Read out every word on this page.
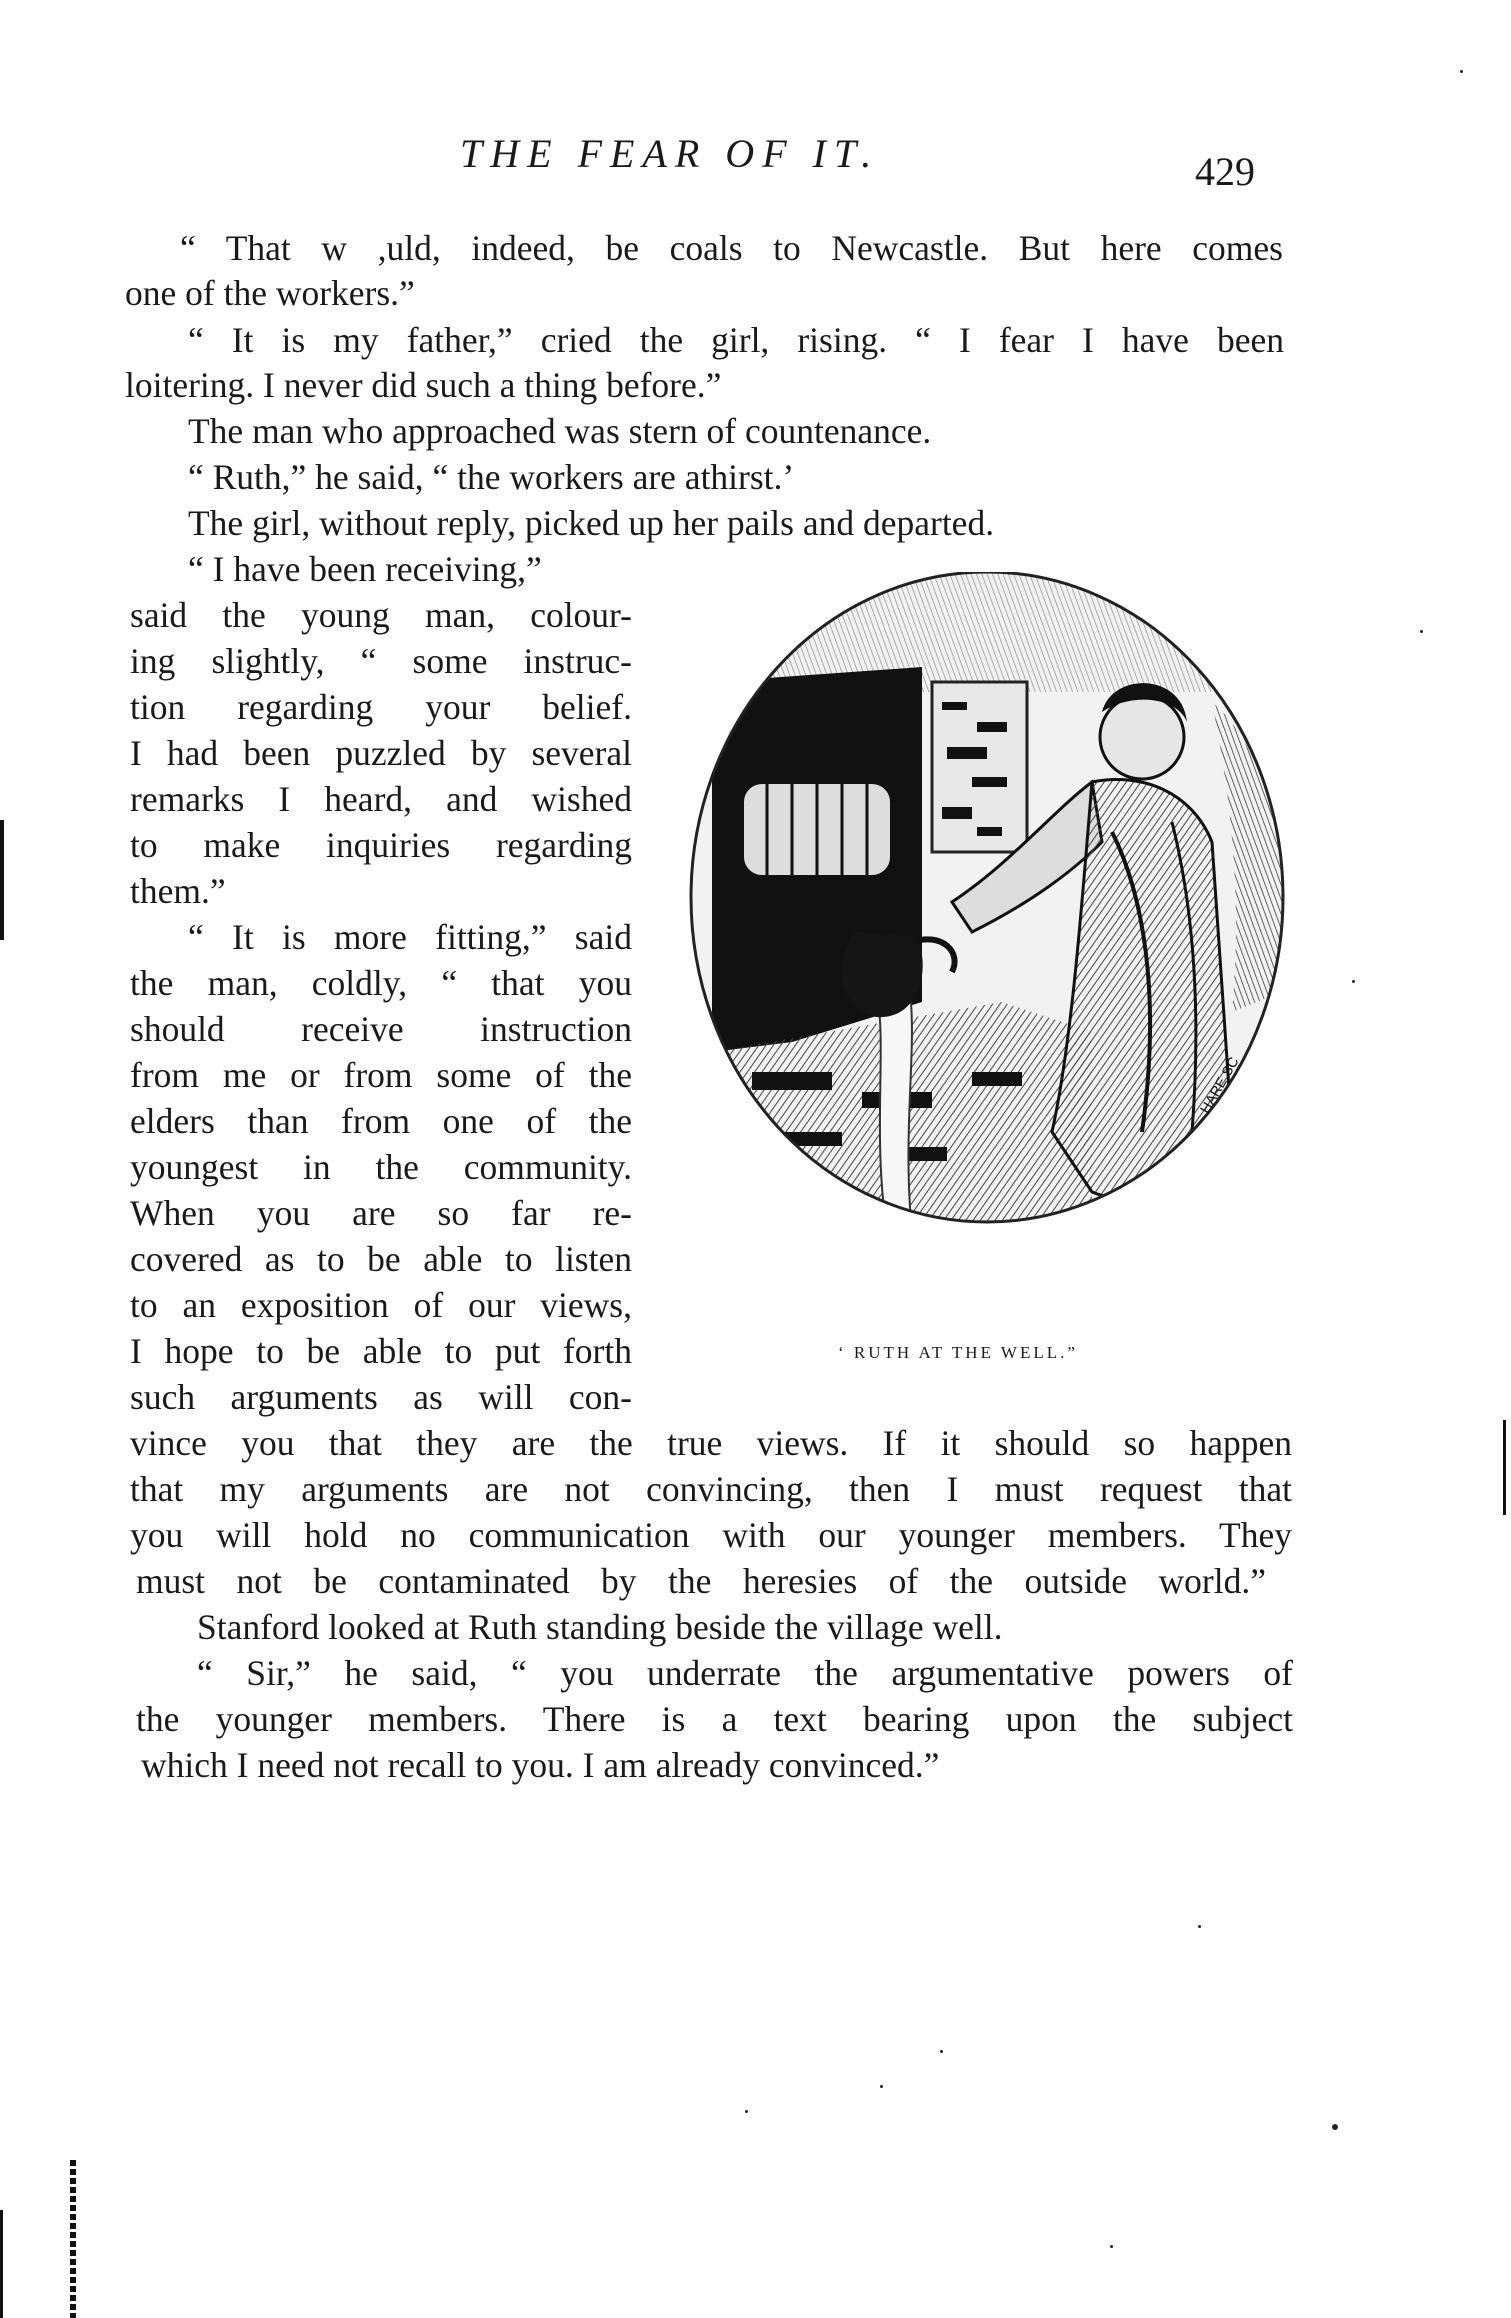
THE FEAR OF IT.	429
“ That w ,uld, indeed, be coals to Newcastle. But here comes
one of the workers.”
“ It is my father,” cried the girl, rising. “ I fear I have been
loitering. I never did such a thing before.”
The man who approached was stern of countenance.
“ Ruth,” he said, “ the workers are athirst.’
The girl, without reply, picked up her pails and departed.
“ I have been receiving,”
said the young man, colour-
ing slightly, “ some instruc-
tion regarding your belief.
I had been puzzled by several
remarks I heard, and wished
to make inquiries regarding
them.”
“ It is more fitting,” said
the man, coldly, “ that you
should receive instruction
from me or from some of the
elders than from one of the
youngest in the community.
When you are so far re-
covered as to be able to listen
to an exposition of our views,
I hope to be able to put forth
such arguments as will con-
vince you that they are the true views. If it should so happen
that my arguments are not convincing, then I must request that
you will hold no communication with our younger members. They
must not be contaminated by the heresies of the outside world.”
Stanford looked at Ruth standing beside the village well.
“ Sir,” he said, “ you underrate the argumentative powers of
the younger members. There is a text bearing upon the subject
which I need not recall to you. I am already convinced.”
HARE SC
‘ RUTH AT THE WELL.”
